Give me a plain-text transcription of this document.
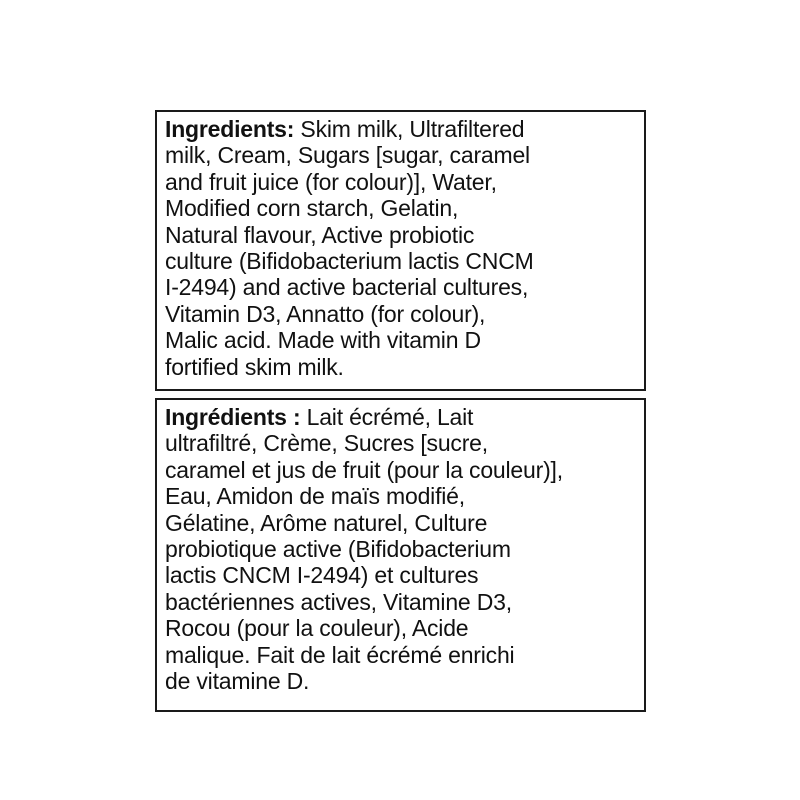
Ingredients: Skim milk, Ultrafiltered
milk, Cream, Sugars [sugar, caramel
and fruit juice (for colour)], Water,
Modified corn starch, Gelatin,
Natural flavour, Active probiotic
culture (Bifidobacterium lactis CNCM
I-2494) and active bacterial cultures,
Vitamin D3, Annatto (for colour),
Malic acid. Made with vitamin D
fortified skim milk.
Ingrédients : Lait écrémé, Lait
ultrafiltré, Crème, Sucres [sucre,
caramel et jus de fruit (pour la couleur)],
Eau, Amidon de maïs modifié,
Gélatine, Arôme naturel, Culture
probiotique active (Bifidobacterium
lactis CNCM I-2494) et cultures
bactériennes actives, Vitamine D3,
Rocou (pour la couleur), Acide
malique. Fait de lait écrémé enrichi
de vitamine D.
